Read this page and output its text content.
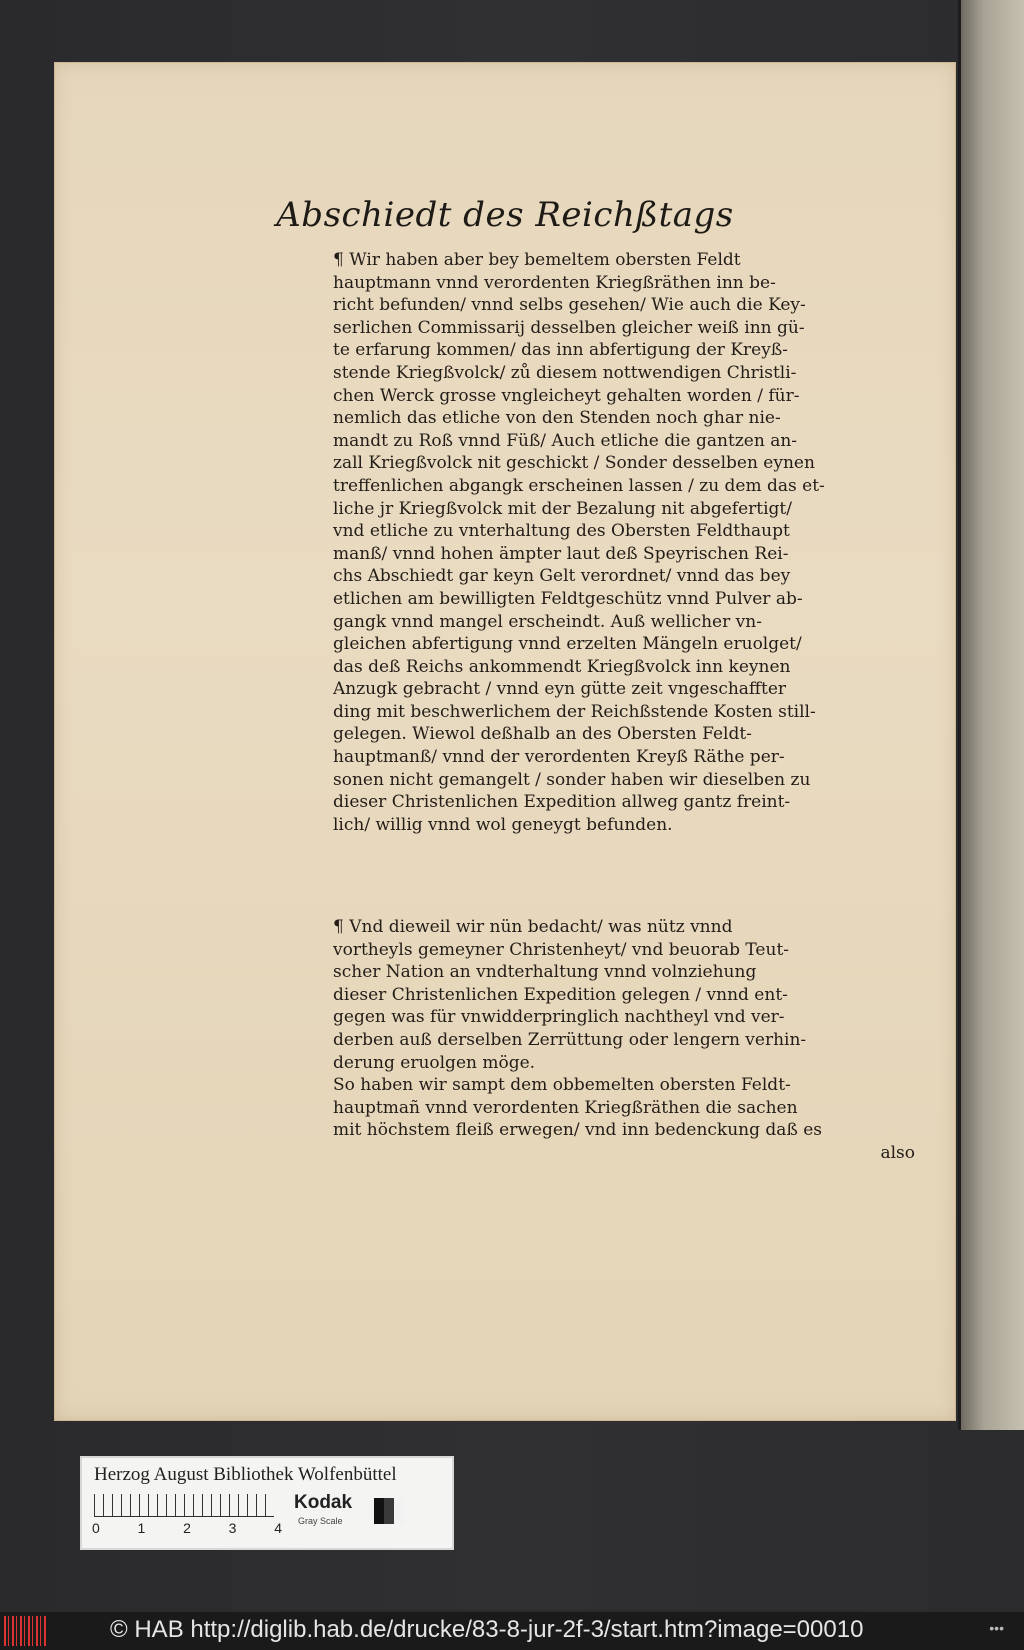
Abschiedt des Reichßtags
¶ Wir haben aber bey bemeltem obersten Feldt
hauptmann vnnd verordenten Kriegßräthen inn be-
richt befunden/ vnnd selbs gesehen/ Wie auch die Key-
serlichen Commissarij desselben gleicher weiß inn gü-
te erfarung kommen/ das inn abfertigung der Kreyß-
stende Kriegßvolck/ zů diesem nottwendigen Christli-
chen Werck grosse vngleicheyt gehalten worden / für-
nemlich das etliche von den Stenden noch ghar nie-
mandt zu Roß vnnd Füß/ Auch etliche die gantzen an-
zall Kriegßvolck nit geschickt / Sonder desselben eynen
treffenlichen abgangk erscheinen lassen / zu dem das et-
liche jr Kriegßvolck mit der Bezalung nit abgefertigt/
vnd etliche zu vnterhaltung des Obersten Feldthaupt
manß/ vnnd hohen ämpter laut deß Speyrischen Rei-
chs Abschiedt gar keyn Gelt verordnet/ vnnd das bey
etlichen am bewilligten Feldtgeschütz vnnd Pulver ab-
gangk vnnd mangel erscheindt. Auß wellicher vn-
gleichen abfertigung vnnd erzelten Mängeln eruolget/
das deß Reichs ankommendt Kriegßvolck inn keynen
Anzugk gebracht / vnnd eyn gütte zeit vngeschaffter
ding mit beschwerlichem der Reichßstende Kosten still-
gelegen. Wiewol deßhalb an des Obersten Feldt-
hauptmanß/ vnnd der verordenten Kreyß Räthe per-
sonen nicht gemangelt / sonder haben wir dieselben zu
dieser Christenlichen Expedition allweg gantz freint-
lich/ willig vnnd wol geneygt befunden.
¶ Vnd dieweil wir nün bedacht/ was nütz vnnd
vortheyls gemeyner Christenheyt/ vnd beuorab Teut-
scher Nation an vndterhaltung vnnd volnziehung
dieser Christenlichen Expedition gelegen / vnnd ent-
gegen was für vnwidderpringlich nachtheyl vnd ver-
derben auß derselben Zerrüttung oder lengern verhin-
derung eruolgen möge.
So haben wir sampt dem obbemelten obersten Feldt-
hauptmañ vnnd verordenten Kriegßräthen die sachen
mit höchstem fleiß erwegen/ vnd inn bedenckung daß es
also
Herzog August Bibliothek Wolfenbüttel
0	1	2	3	4
Kodak
Gray Scale
© HAB http://diglib.hab.de/drucke/83-8-jur-2f-3/start.htm?image=00010	•••
